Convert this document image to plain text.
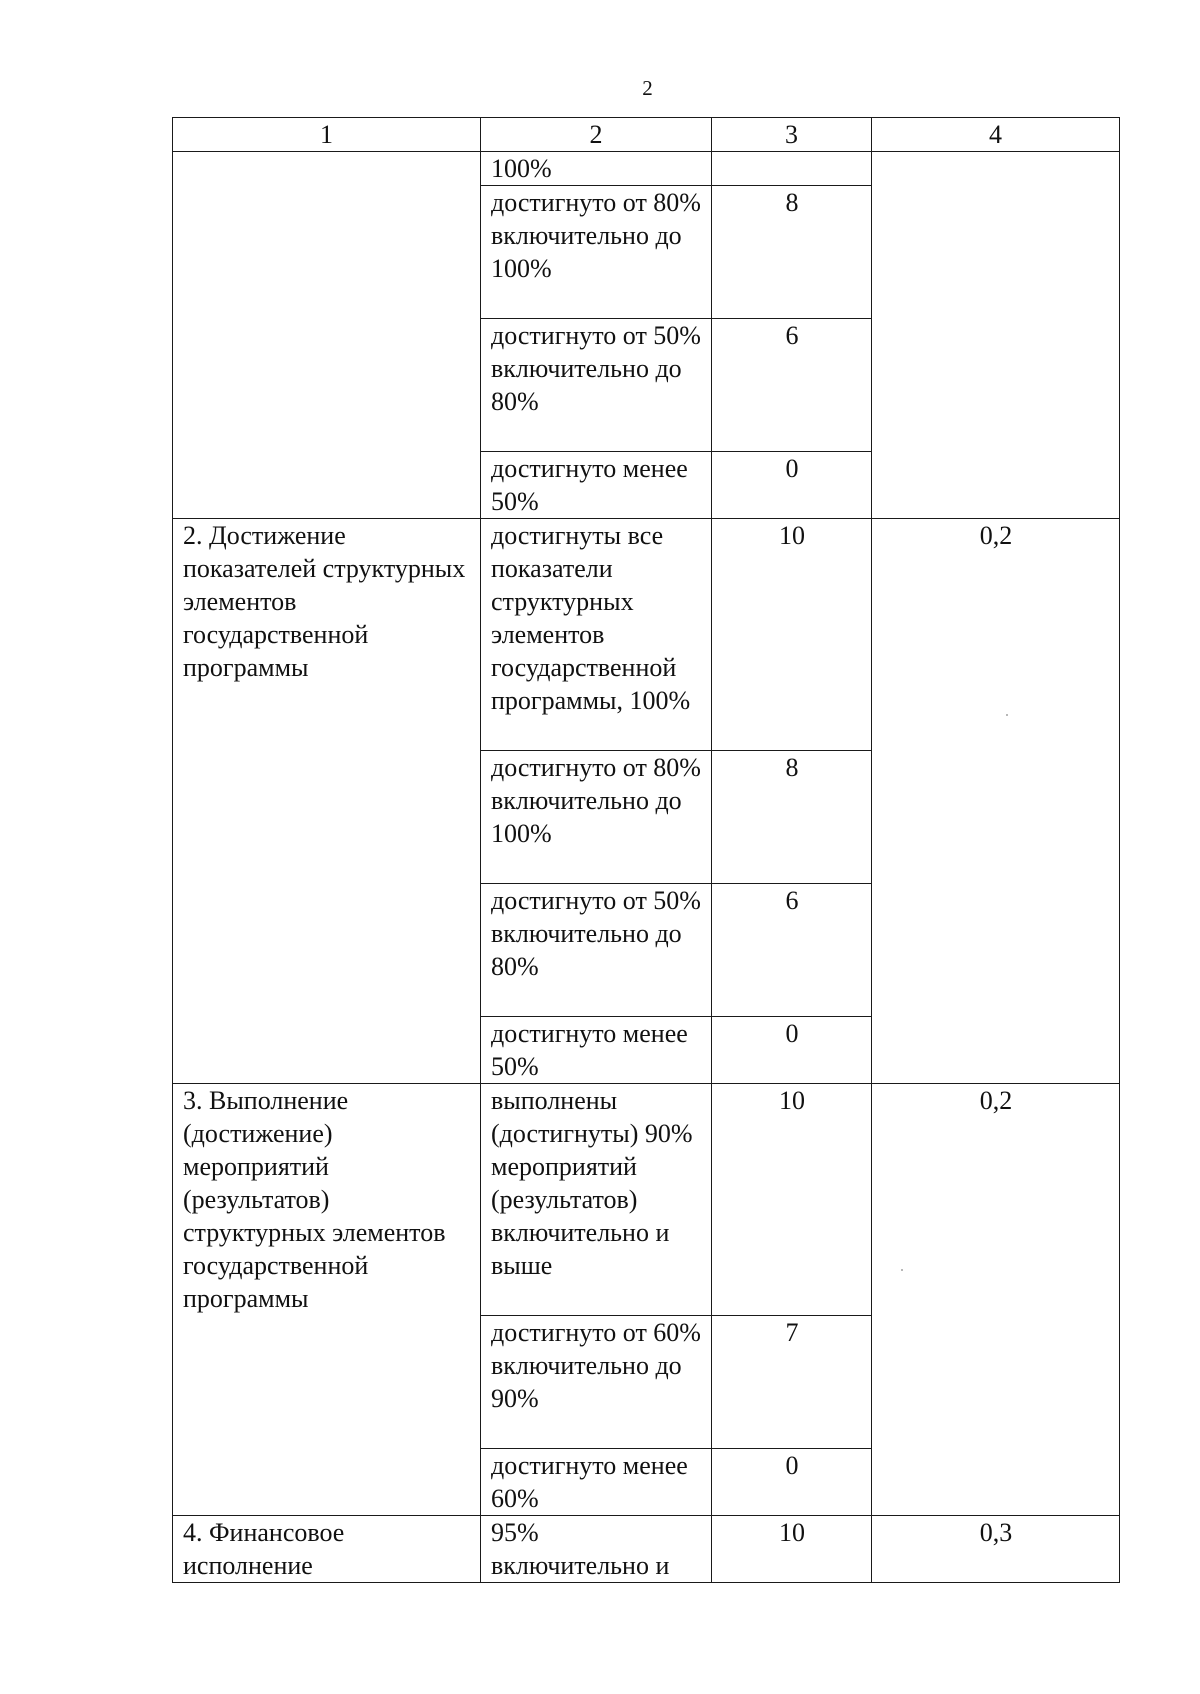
2
1	2	3	4

	100%		

	достигнуто от 80% включительно до 100%	8	

	достигнуто от 50% включительно до 80%	6	

	достигнуто менее 50%	0	

2. Достижение показателей структурных элементов государственной программы	достигнуты все показатели структурных элементов государственной программы, 100%	10	0,2

	достигнуто от 80% включительно до 100%	8	

	достигнуто от 50% включительно до 80%	6	

	достигнуто менее 50%	0	

3. Выполнение (достижение) мероприятий (результатов) структурных элементов государственной программы	выполнены (достигнуты) 90% мероприятий (результатов) включительно и выше	10	0,2

	достигнуто от 60% включительно до 90%	7	

	достигнуто менее 60%	0	

4. Финансовое исполнение	95% включительно и	10	0,3
